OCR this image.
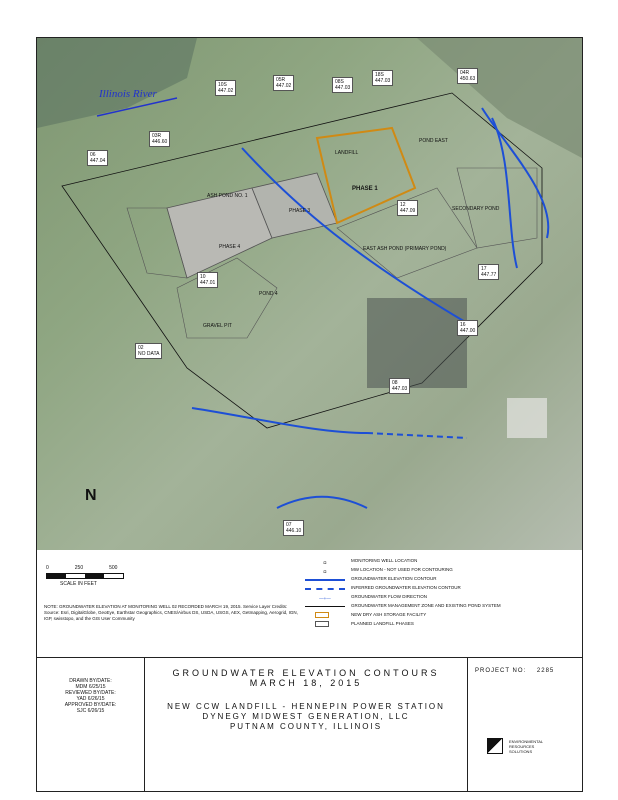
Illinois River
06
447.04
03R
446.60
10S
447.02
05R
447.02
08S
447.03
18S
447.03
04R
450.63
12
447.09
10
447.01
17
447.77
16
447.00
02
NO DATA
08
447.03
07
446.10
ASH POND NO. 1
PHASE 3
PHASE 4
PHASE 1
LANDFILL
POND EAST
SECONDARY POND
EAST ASH POND (PRIMARY POND)
POND 4
GRAVEL PIT
N
0	250	500
SCALE IN FEET
◘	MONITORING WELL LOCATION
◘	MW LOCATION - NOT USED FOR CONTOURING
GROUNDWATER ELEVATION CONTOUR
INFERRED GROUNDWATER ELEVATION CONTOUR
—+—	GROUNDWATER FLOW DIRECTION
GROUNDWATER MANAGEMENT ZONE AND EXISTING POND SYSTEM
NEW DRY ASH STORAGE FACILITY
PLANNED LANDFILL PHASES
NOTE: GROUNDWATER ELEVATION AT MONITORING WELL 02 RECORDED MARCH 19, 2015. Service Layer Credits: Source: Esri, DigitalGlobe, GeoEye, Earthstar Geographics, CNES/Airbus DS, USDA, USGS, AEX, Getmapping, Aerogrid, IGN, IGP, swisstopo, and the GIS User Community
DRAWN BY/DATE:
MDM 6/25/15
REVIEWED BY/DATE:
YAD 6/26/15
APPROVED BY/DATE:
SJC 6/26/15
GROUNDWATER ELEVATION CONTOURS
MARCH 18, 2015
NEW CCW LANDFILL - HENNEPIN POWER STATION
DYNEGY MIDWEST GENERATION, LLC
PUTNAM COUNTY, ILLINOIS
PROJECT NO: 2285
ENVIRONMENTAL RESOURCES SOLUTIONS
